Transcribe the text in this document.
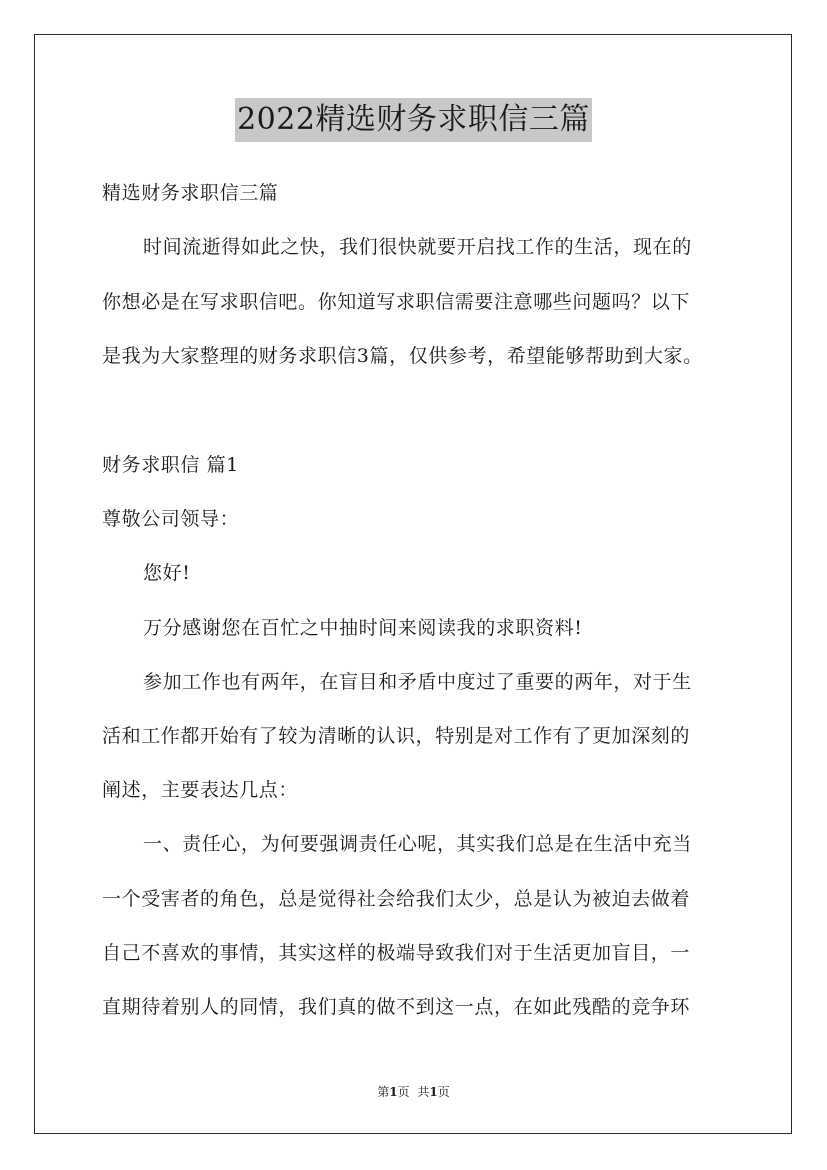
2022精选财务求职信三篇
精选财务求职信三篇
时间流逝得如此之快，我们很快就要开启找工作的生活，现在的
你想必是在写求职信吧。你知道写求职信需要注意哪些问题吗？以下
是我为大家整理的财务求职信3篇，仅供参考，希望能够帮助到大家。
财务求职信 篇1
尊敬公司领导：
您好!
万分感谢您在百忙之中抽时间来阅读我的求职资料!
参加工作也有两年，在盲目和矛盾中度过了重要的两年，对于生
活和工作都开始有了较为清晰的认识，特别是对工作有了更加深刻的
阐述，主要表达几点：
一、责任心，为何要强调责任心呢，其实我们总是在生活中充当
一个受害者的角色，总是觉得社会给我们太少，总是认为被迫去做着
自己不喜欢的事情，其实这样的极端导致我们对于生活更加盲目，一
直期待着别人的同情，我们真的做不到这一点，在如此残酷的竞争环
第1页 共1页
